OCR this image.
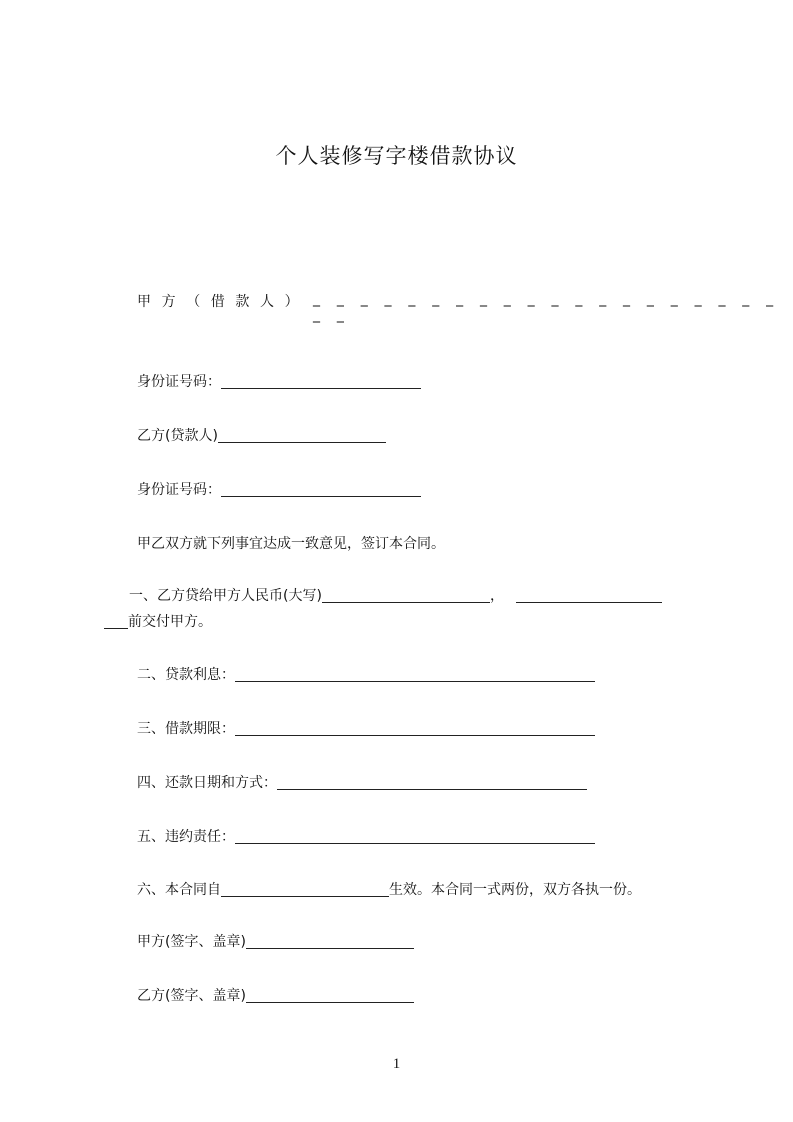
个人装修写字楼借款协议
甲 方 （ 借 款 人 ）	_ _ _ _ _ _ _ _ _ _ _ _ _ _ _ _ _ _ _ _ _ _
身份证号码：
乙方(贷款人)
身份证号码：
甲乙双方就下列事宜达成一致意见，签订本合同。
一、乙方贷给甲方人民币(大写)	，
前交付甲方。
二、贷款利息：
三、借款期限：
四、还款日期和方式：
五、违约责任：
六、本合同自	生效。本合同一式两份，双方各执一份。
甲方(签字、盖章)
乙方(签字、盖章)
1
